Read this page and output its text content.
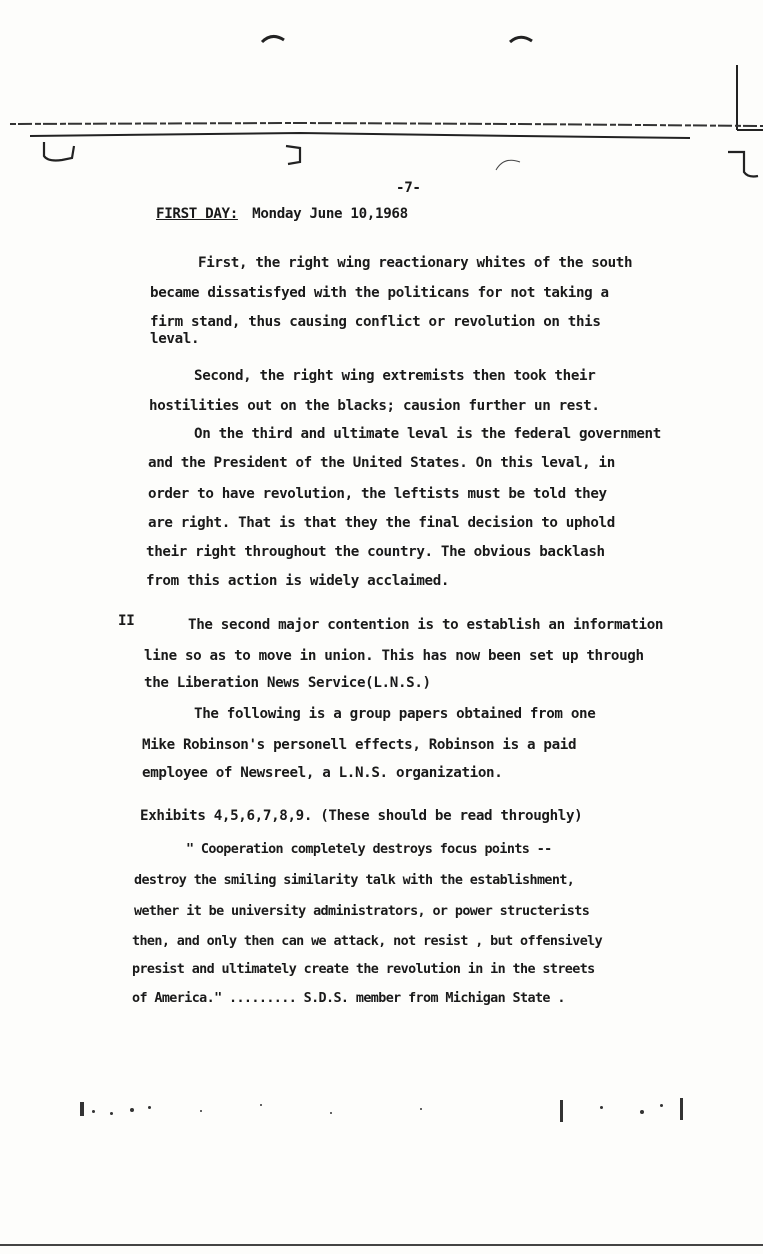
-7-

FIRST DAY: Monday June 10,1968

First, the right wing reactionary whites of the south

became dissatisfyed with the politicans for not taking a

firm stand, thus causing conflict or revolution on this

leval.

Second, the right wing extremists then took their

hostilities out on the blacks; causion further un rest.

On the third and ultimate leval is the federal government

and the President of the United States. On this leval, in

order to have revolution, the leftists must be told they

are right. That is that they the final decision to uphold

their right throughout the country. The obvious backlash

from this action is widely acclaimed.

II	The second major contention is to establish an information

line so as to move in union. This has now been set up through

the Liberation News Service(L.N.S.)

The following is a group papers obtained from one

Mike Robinson's personell effects, Robinson is a paid

employee of Newsreel, a L.N.S. organization.

Exhibits 4,5,6,7,8,9. (These should be read throughly)

" Cooperation completely destroys focus points --

destroy the smiling similarity talk with the establishment,

wether it be university administrators, or power structerists

then, and only then can we attack, not resist , but offensively

presist and ultimately create the revolution in in the streets

of America." ......... S.D.S. member from Michigan State .
